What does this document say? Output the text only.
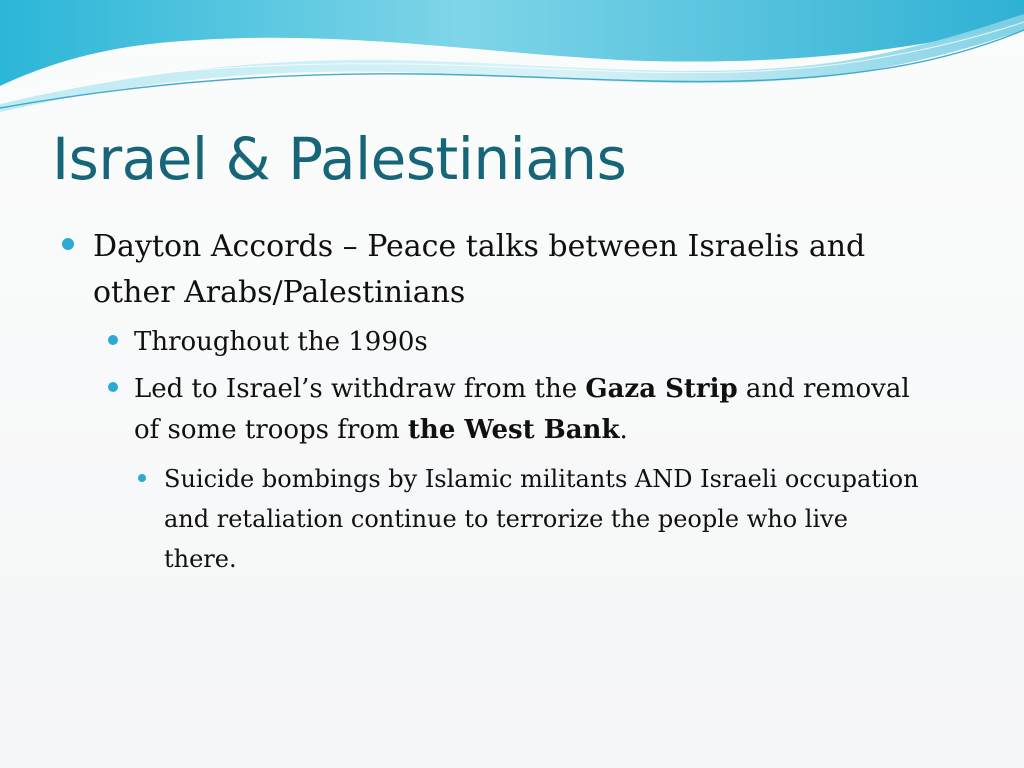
Israel & Palestinians
Dayton Accords – Peace talks between Israelis and other Arabs/Palestinians
Throughout the 1990s
Led to Israel’s withdraw from the Gaza Strip and removal of some troops from the West Bank.
Suicide bombings by Islamic militants AND Israeli occupation and retaliation continue to terrorize the people who live there.
